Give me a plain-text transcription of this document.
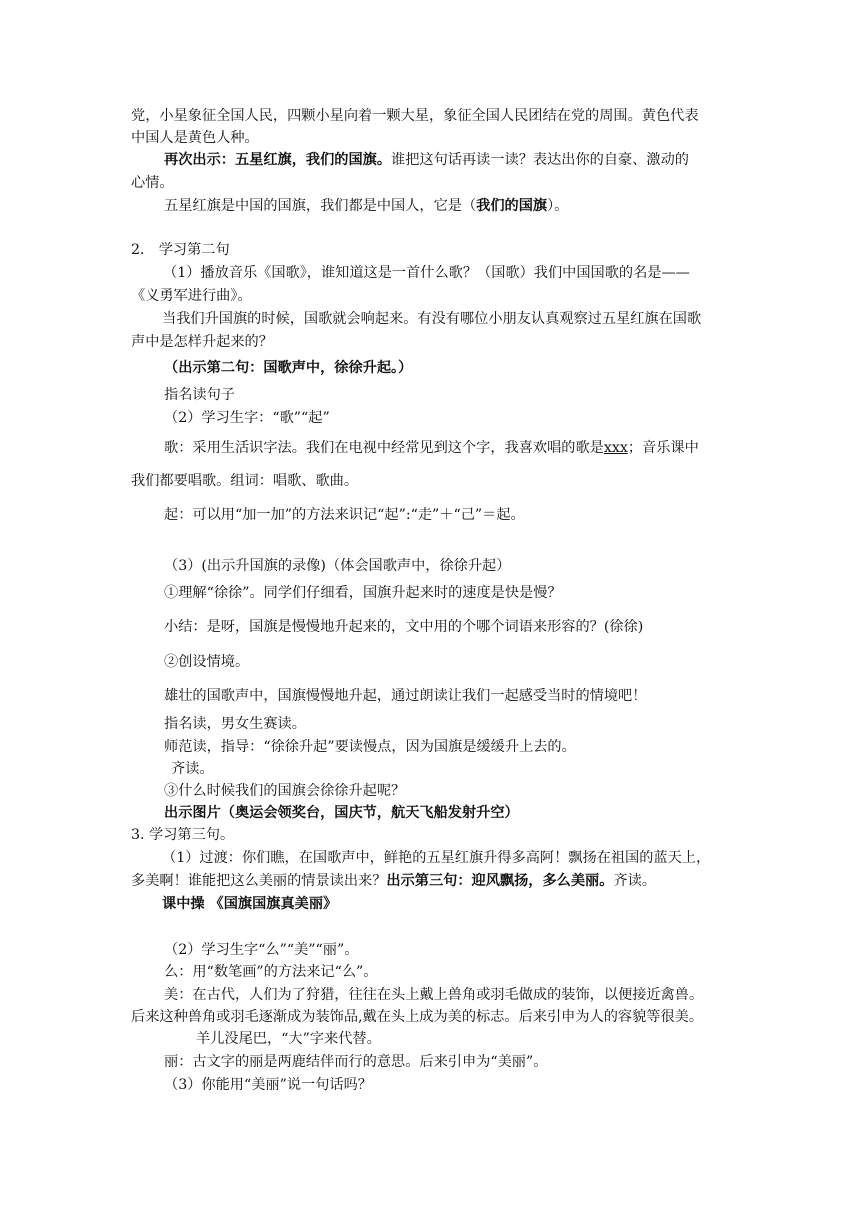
党，小星象征全国人民，四颗小星向着一颗大星，象征全国人民团结在党的周围。黄色代表
中国人是黄色人种。
再次出示：五星红旗，我们的国旗。谁把这句话再读一读？表达出你的自豪、激动的
心情。
五星红旗是中国的国旗，我们都是中国人，它是（我们的国旗）。
2． 学习第二句
（1）播放音乐《国歌》，谁知道这是一首什么歌？（国歌）我们中国国歌的名是——
《义勇军进行曲》。
当我们升国旗的时候，国歌就会响起来。有没有哪位小朋友认真观察过五星红旗在国歌
声中是怎样升起来的？
（出示第二句：国歌声中，徐徐升起。）
指名读句子
（2）学习生字：“歌”“起”
歌：采用生活识字法。我们在电视中经常见到这个字，我喜欢唱的歌是xxx；音乐课中
我们都要唱歌。组词：唱歌、歌曲。
起：可以用“加一加”的方法来识记“起”:“走”＋“己”＝起。
（3）(出示升国旗的录像)（体会国歌声中，徐徐升起）
①理解“徐徐”。同学们仔细看，国旗升起来时的速度是快是慢？
小结：是呀，国旗是慢慢地升起来的，文中用的个哪个词语来形容的？(徐徐)
②创设情境。
雄壮的国歌声中，国旗慢慢地升起，通过朗读让我们一起感受当时的情境吧！
指名读，男女生赛读。
师范读，指导：“徐徐升起”要读慢点，因为国旗是缓缓升上去的。
齐读。
③什么时候我们的国旗会徐徐升起呢？
出示图片（奥运会领奖台，国庆节，航天飞船发射升空）
3. 学习第三句。
（1）过渡：你们瞧，在国歌声中，鲜艳的五星红旗升得多高阿！飘扬在祖国的蓝天上，
多美啊！谁能把这么美丽的情景读出来？出示第三句：迎风飘扬，多么美丽。齐读。
课中操 《国旗国旗真美丽》
（2）学习生字“么”“美”“丽”。
么：用“数笔画”的方法来记“么”。
美：在古代，人们为了狩猎，往往在头上戴上兽角或羽毛做成的装饰，以便接近禽兽。
后来这种兽角或羽毛逐渐成为装饰品,戴在头上成为美的标志。后来引申为人的容貌等很美。
羊儿没尾巴，“大”字来代替。
丽：古文字的丽是两鹿结伴而行的意思。后来引申为“美丽”。
（3）你能用“美丽”说一句话吗？
